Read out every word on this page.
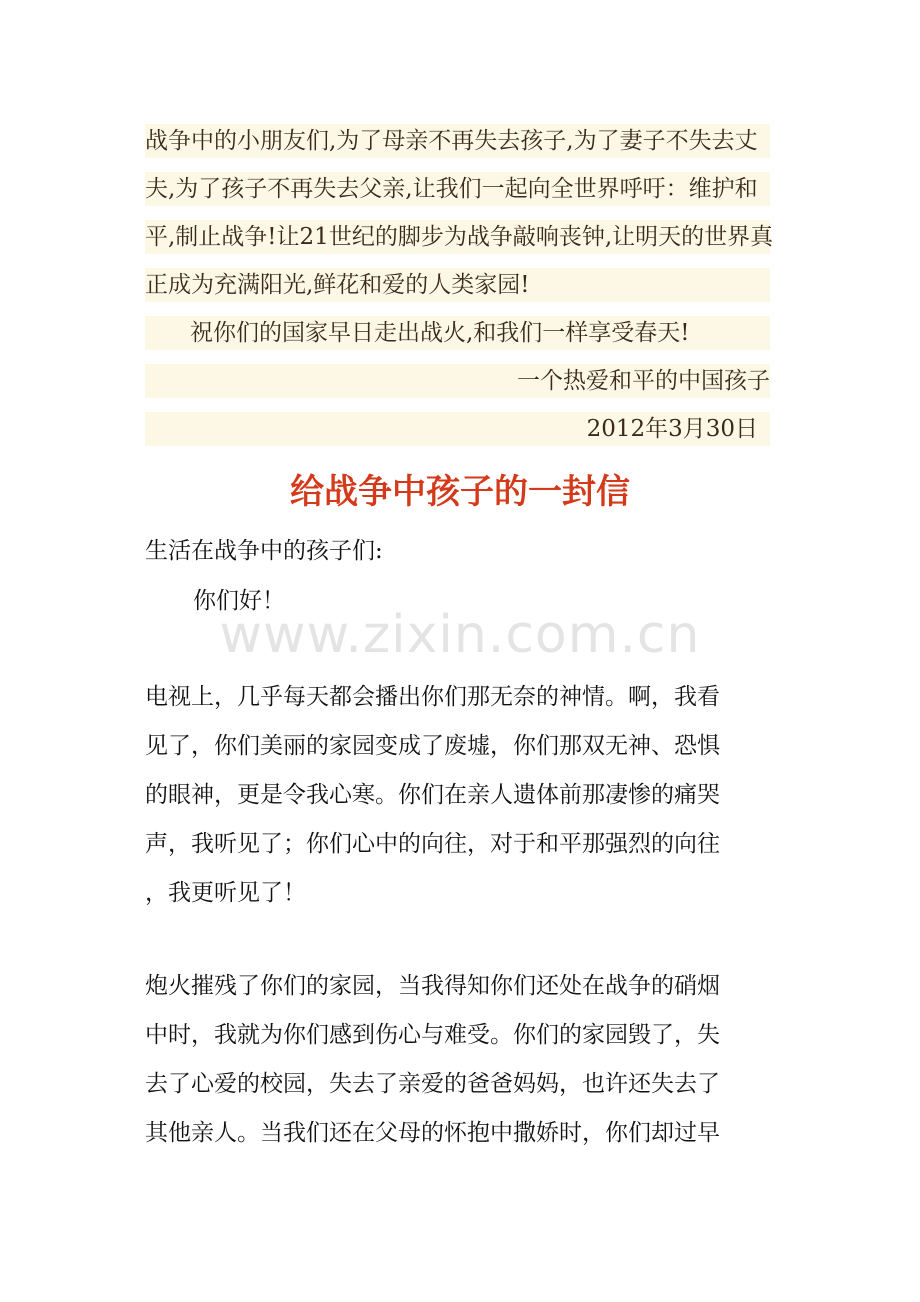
战争中的小朋友们,为了母亲不再失去孩子,为了妻子不失去丈
夫,为了孩子不再失去父亲,让我们一起向全世界呼吁：维护和
平,制止战争!让21世纪的脚步为战争敲响丧钟,让明天的世界真
正成为充满阳光,鲜花和爱的人类家园!
祝你们的国家早日走出战火,和我们一样享受春天!
一个热爱和平的中国孩子
2012年3月30日
给战争中孩子的一封信
生活在战争中的孩子们:
你们好！
www.zixin.com.cn
电视上，几乎每天都会播出你们那无奈的神情。啊，我看
见了，你们美丽的家园变成了废墟，你们那双无神、恐惧
的眼神，更是令我心寒。你们在亲人遗体前那凄惨的痛哭
声，我听见了；你们心中的向往，对于和平那强烈的向往
，我更听见了！
炮火摧残了你们的家园，当我得知你们还处在战争的硝烟
中时，我就为你们感到伤心与难受。你们的家园毁了，失
去了心爱的校园，失去了亲爱的爸爸妈妈，也许还失去了
其他亲人。当我们还在父母的怀抱中撒娇时，你们却过早
